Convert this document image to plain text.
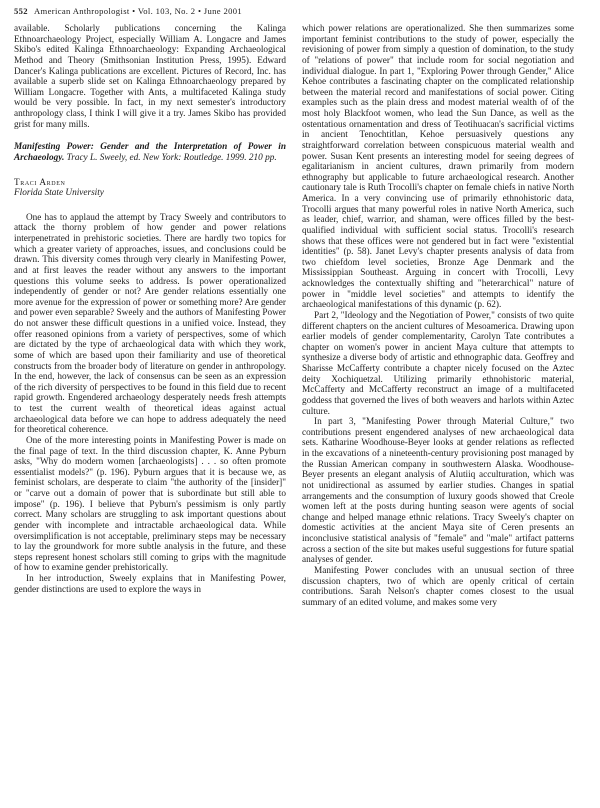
552 American Anthropologist • Vol. 103, No. 2 • June 2001

available. Scholarly publications concerning the Kalinga Ethnoarchaeology Project, especially William A. Longacre and James Skibo's edited Kalinga Ethnoarchaeology: Expanding Archaeological Method and Theory (Smithsonian Institution Press, 1995). Edward Dancer's Kalinga publications are excellent. Pictures of Record, Inc. has available a superb slide set on Kalinga Ethnoarchaeology prepared by William Longacre. Together with Ants, a multifaceted Kalinga study would be very possible. In fact, in my next semester's introductory anthropology class, I think I will give it a try. James Skibo has provided grist for many mills.

Manifesting Power: Gender and the Interpretation of Power in Archaeology. Tracy L. Sweely, ed. New York: Routledge. 1999. 210 pp.

Traci Arden

Florida State University

One has to applaud the attempt by Tracy Sweely and contributors to attack the thorny problem of how gender and power relations interpenetrated in prehistoric societies. There are hardly two topics for which a greater variety of approaches, issues, and conclusions could be drawn. This diversity comes through very clearly in Manifesting Power, and at first leaves the reader without any answers to the important questions this volume seeks to address. Is power operationalized independently of gender or not? Are gender relations essentially one more avenue for the expression of power or something more? Are gender and power even separable? Sweely and the authors of Manifesting Power do not answer these difficult questions in a unified voice. Instead, they offer reasoned opinions from a variety of perspectives, some of which are dictated by the type of archaeological data with which they work, some of which are based upon their familiarity and use of theoretical constructs from the broader body of literature on gender in anthropology. In the end, however, the lack of consensus can be seen as an expression of the rich diversity of perspectives to be found in this field due to recent rapid growth. Engendered archaeology desperately needs fresh attempts to test the current wealth of theoretical ideas against actual archaeological data before we can hope to address adequately the need for theoretical coherence.

One of the more interesting points in Manifesting Power is made on the final page of text. In the third discussion chapter, K. Anne Pyburn asks, "Why do modern women [archaeologists] . . . so often promote essentialist models?" (p. 196). Pyburn argues that it is because we, as feminist scholars, are desperate to claim "the authority of the [insider]" or "carve out a domain of power that is subordinate but still able to impose" (p. 196). I believe that Pyburn's pessimism is only partly correct. Many scholars are struggling to ask important questions about gender with incomplete and intractable archaeological data. While oversimplification is not acceptable, preliminary steps may be necessary to lay the groundwork for more subtle analysis in the future, and these steps represent honest scholars still coming to grips with the magnitude of how to examine gender prehistorically.

In her introduction, Sweely explains that in Manifesting Power, gender distinctions are used to explore the ways in

which power relations are operationalized. She then summarizes some important feminist contributions to the study of power, especially the revisioning of power from simply a question of domination, to the study of "relations of power" that include room for social negotiation and individual dialogue. In part 1, "Exploring Power through Gender," Alice Kehoe contributes a fascinating chapter on the complicated relationship between the material record and manifestations of social power. Citing examples such as the plain dress and modest material wealth of of the most holy Blackfoot women, who lead the Sun Dance, as well as the ostentatious ornamentation and dress of Teotihuacan's sacrificial victims in ancient Tenochtitlan, Kehoe persuasively questions any straightforward correlation between conspicuous material wealth and power. Susan Kent presents an interesting model for seeing degrees of egalitarianism in ancient cultures, drawn primarily from modern ethnography but applicable to future archaeological research. Another cautionary tale is Ruth Trocolli's chapter on female chiefs in native North America. In a very convincing use of primarily ethnohistoric data, Trocolli argues that many powerful roles in native North America, such as leader, chief, warrior, and shaman, were offices filled by the best-qualified individual with sufficient social status. Trocolli's research shows that these offices were not gendered but in fact were "existential identities" (p. 58). Janet Levy's chapter presents analysis of data from two chiefdom level societies, Bronze Age Denmark and the Mississippian Southeast. Arguing in concert with Trocolli, Levy acknowledges the contextually shifting and "heterarchical" nature of power in "middle level societies" and attempts to identify the archaeological manifestations of this dynamic (p. 62).

Part 2, "Ideology and the Negotiation of Power," consists of two quite different chapters on the ancient cultures of Mesoamerica. Drawing upon earlier models of gender complementarity, Carolyn Tate contributes a chapter on women's power in ancient Maya culture that attempts to synthesize a diverse body of artistic and ethnographic data. Geoffrey and Sharisse McCafferty contribute a chapter nicely focused on the Aztec deity Xochiquetzal. Utilizing primarily ethnohistoric material, McCafferty and McCafferty reconstruct an image of a multifaceted goddess that governed the lives of both weavers and harlots within Aztec culture.

In part 3, "Manifesting Power through Material Culture," two contributions present engendered analyses of new archaeological data sets. Katharine Woodhouse-Beyer looks at gender relations as reflected in the excavations of a nineteenth-century provisioning post managed by the Russian American company in southwestern Alaska. Woodhouse-Beyer presents an elegant analysis of Alutiiq acculturation, which was not unidirectional as assumed by earlier studies. Changes in spatial arrangements and the consumption of luxury goods showed that Creole women left at the posts during hunting season were agents of social change and helped manage ethnic relations. Tracy Sweely's chapter on domestic activities at the ancient Maya site of Ceren presents an inconclusive statistical analysis of "female" and "male" artifact patterns across a section of the site but makes useful suggestions for future spatial analyses of gender.

Manifesting Power concludes with an unusual section of three discussion chapters, two of which are openly critical of certain contributions. Sarah Nelson's chapter comes closest to the usual summary of an edited volume, and makes some very
